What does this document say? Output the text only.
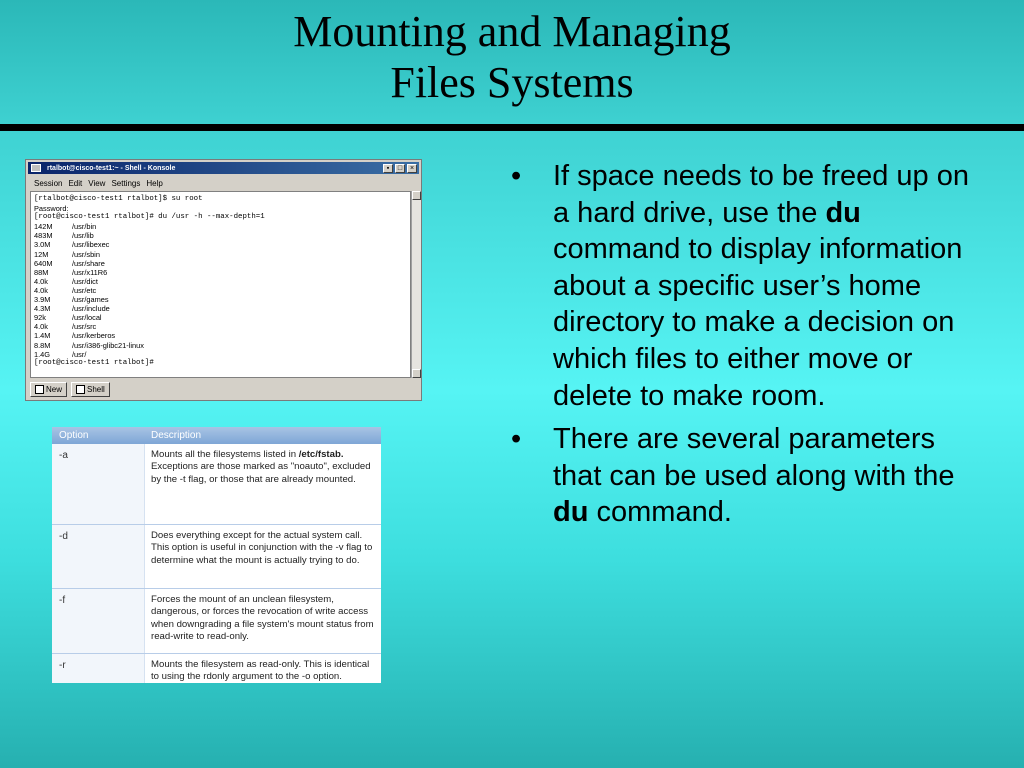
Mounting and Managing
Files Systems
rtalbot@cisco-test1:~ - Shell - Konsole	▪	□	×
Session Edit View Settings Help
[rtalbot@cisco-test1 rtalbot]$ su root
Password:
[root@cisco-test1 rtalbot]# du /usr -h --max-depth=1
142M	/usr/bin
483M	/usr/lib
3.0M	/usr/libexec
12M	/usr/sbin
640M	/usr/share
88M	/usr/x11R6
4.0k	/usr/dict
4.0k	/usr/etc
3.9M	/usr/games
4.3M	/usr/include
92k	/usr/local
4.0k	/usr/src
1.4M	/usr/kerberos
8.8M	/usr/i386-glibc21-linux
1.4G	/usr/
[root@cisco-test1 rtalbot]#
New	Shell
Option	Description
-a	Mounts all the filesystems listed in /etc/fstab. Exceptions are those marked as "noauto", excluded by the -t flag, or those that are already mounted.
-d	Does everything except for the actual system call. This option is useful in conjunction with the -v flag to determine what the mount is actually trying to do.
-f	Forces the mount of an unclean filesystem, dangerous, or forces the revocation of write access when downgrading a file system's mount status from read-write to read-only.
-r	Mounts the filesystem as read-only. This is identical to using the rdonly argument to the -o option.
• If space needs to be freed up on a hard drive, use the du command to display information about a specific user’s home directory to make a decision on which files to either move or delete to make room.
• There are several parameters that can be used along with the du command.
